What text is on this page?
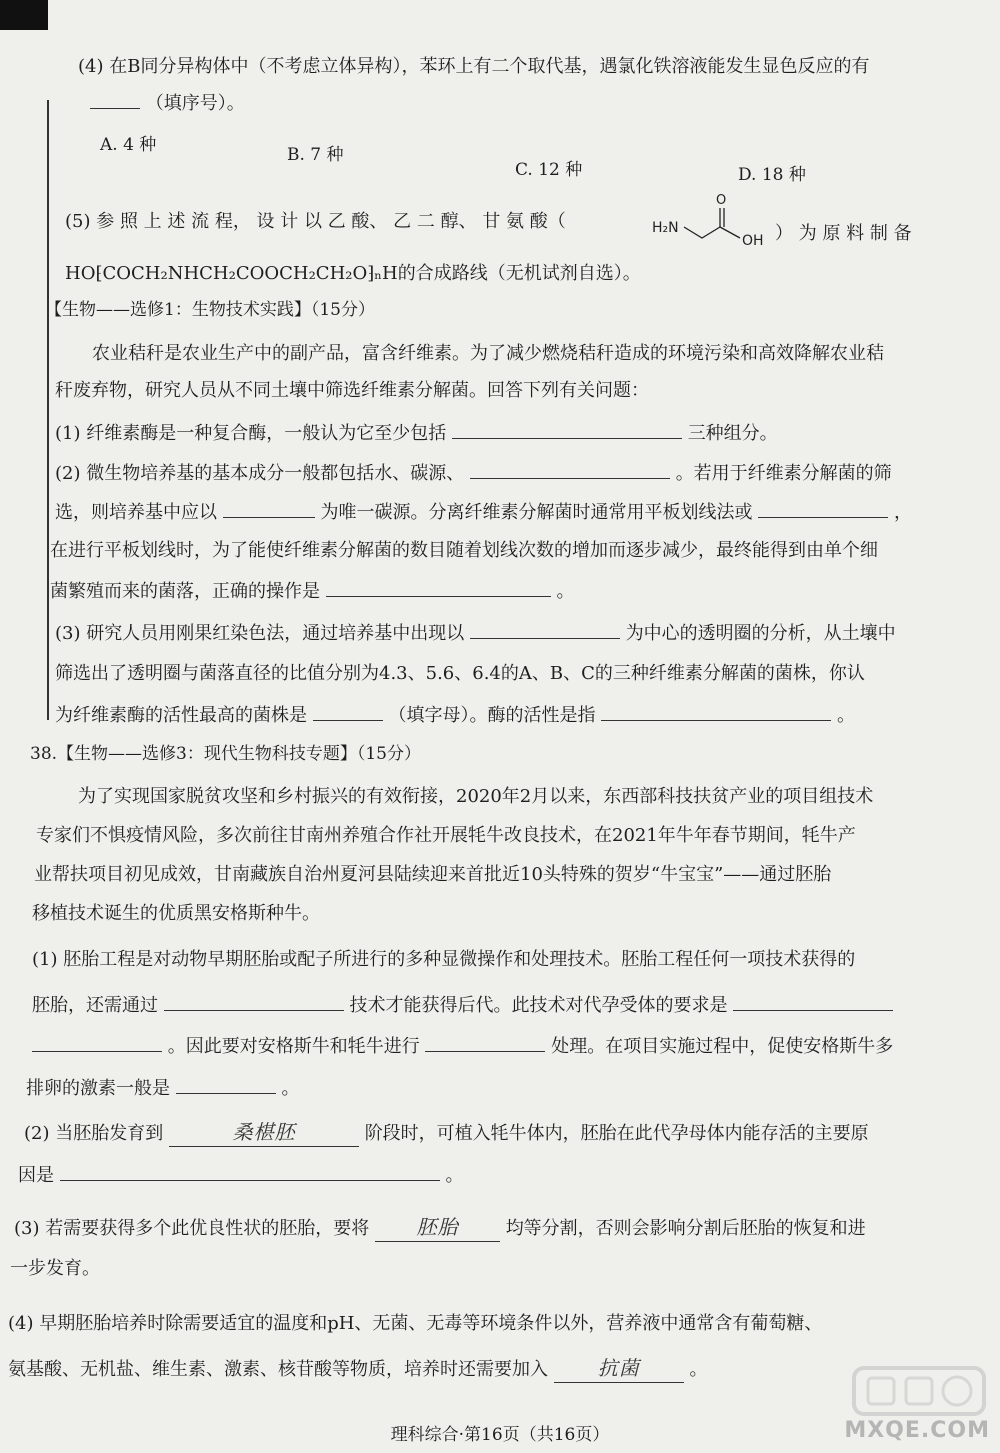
(4) 在B同分异构体中（不考虑立体异构），苯环上有二个取代基，遇氯化铁溶液能发生显色反应的有
（填序号）。
A. 4 种	B. 7 种
C. 12 种	D. 18 种
(5) 参 照 上 述 流 程， 设 计 以 乙 酸、 乙 二 醇、 甘 氨 酸（	H₂N
O
OH ） 为 原 料 制 备
HO⁅COCH₂NHCH₂COOCH₂CH₂O⁆ₙH的合成路线（无机试剂自选）。
【生物——选修1：生物技术实践】（15分）
农业秸秆是农业生产中的副产品，富含纤维素。为了减少燃烧秸秆造成的环境污染和高效降解农业秸
秆废弃物，研究人员从不同土壤中筛选纤维素分解菌。回答下列有关问题：
(1) 纤维素酶是一种复合酶，一般认为它至少包括	三种组分。
(2) 微生物培养基的基本成分一般都包括水、碳源、	。若用于纤维素分解菌的筛
选，则培养基中应以	为唯一碳源。分离纤维素分解菌时通常用平板划线法或	，
在进行平板划线时，为了能使纤维素分解菌的数目随着划线次数的增加而逐步减少，最终能得到由单个细
菌繁殖而来的菌落，正确的操作是	。
(3) 研究人员用刚果红染色法，通过培养基中出现以	为中心的透明圈的分析，从土壤中
筛选出了透明圈与菌落直径的比值分别为4.3、5.6、6.4的A、B、C的三种纤维素分解菌的菌株，你认
为纤维素酶的活性最高的菌株是	（填字母）。酶的活性是指	。
38.【生物——选修3：现代生物科技专题】（15分）
为了实现国家脱贫攻坚和乡村振兴的有效衔接，2020年2月以来，东西部科技扶贫产业的项目组技术
专家们不惧疫情风险，多次前往甘南州养殖合作社开展牦牛改良技术，在2021年牛年春节期间，牦牛产
业帮扶项目初见成效，甘南藏族自治州夏河县陆续迎来首批近10头特殊的贺岁“牛宝宝”——通过胚胎
移植技术诞生的优质黑安格斯种牛。
(1) 胚胎工程是对动物早期胚胎或配子所进行的多种显微操作和处理技术。胚胎工程任何一项技术获得的
胚胎，还需通过	技术才能获得后代。此技术对代孕受体的要求是
。因此要对安格斯牛和牦牛进行	处理。在项目实施过程中，促使安格斯牛多
排卵的激素一般是	。
(2) 当胚胎发育到	桑椹胚	阶段时，可植入牦牛体内，胚胎在此代孕母体内能存活的主要原
因是	。
(3) 若需要获得多个此优良性状的胚胎，要将 胚胎	均等分割，否则会影响分割后胚胎的恢复和进
一步发育。
(4) 早期胚胎培养时除需要适宜的温度和pH、无菌、无毒等环境条件以外，营养液中通常含有葡萄糖、
氨基酸、无机盐、维生素、激素、核苷酸等物质，培养时还需要加入 抗菌	。
理科综合·第16页（共16页）	MXQE.COM
